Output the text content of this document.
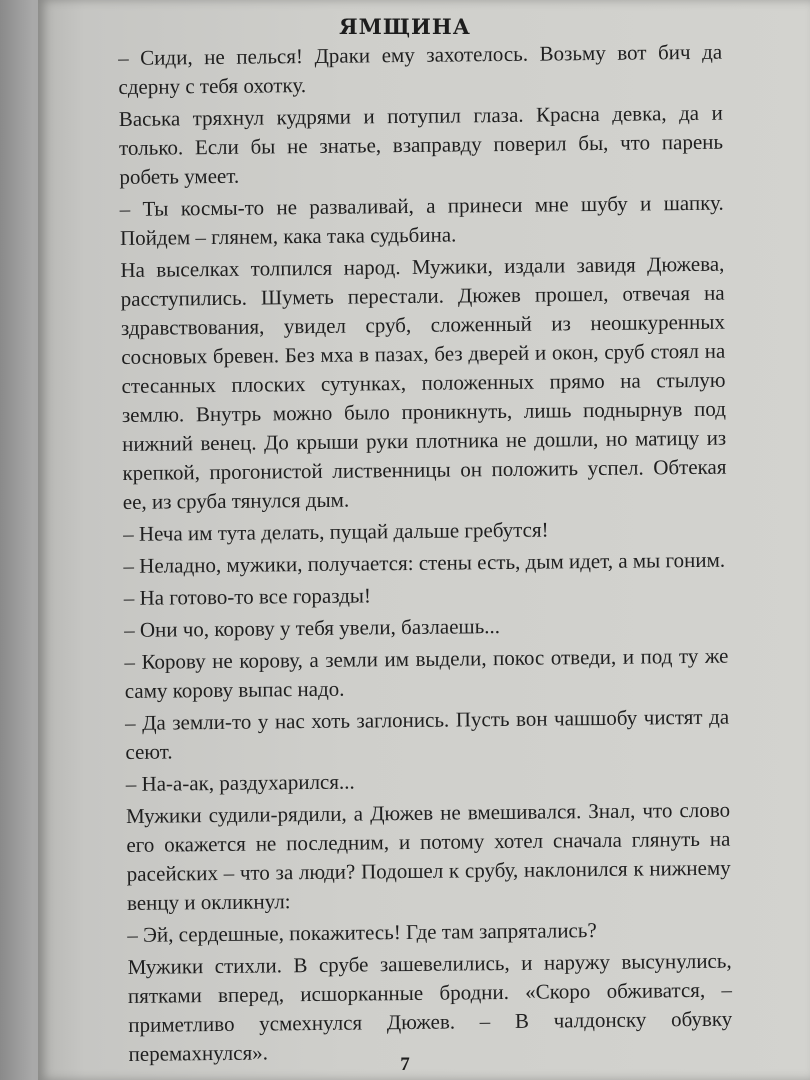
ЯМЩИНА

– Сиди, не пелься! Драки ему захотелось. Возьму вот бич да сдерну с тебя охотку.

Васька тряхнул кудрями и потупил глаза. Красна девка, да и только. Если бы не знатье, взаправду поверил бы, что парень робеть умеет.

– Ты космы-то не разваливай, а принеси мне шубу и шапку. Пойдем – глянем, кака така судьбина.

На выселках толпился народ. Мужики, издали завидя Дюжева, расступились. Шуметь перестали. Дюжев прошел, отвечая на здравствования, увидел сруб, сложенный из неошкуренных сосновых бревен. Без мха в пазах, без дверей и окон, сруб стоял на стесанных плоских сутунках, положенных прямо на стылую землю. Внутрь можно было проникнуть, лишь поднырнув под нижний венец. До крыши руки плотника не дошли, но матицу из крепкой, прогонистой лиственницы он положить успел. Обтекая ее, из сруба тянулся дым.

– Неча им тута делать, пущай дальше гребутся!

– Неладно, мужики, получается: стены есть, дым идет, а мы гоним.

– На готово-то все горазды!

– Они чо, корову у тебя увели, базлаешь...

– Корову не корову, а земли им выдели, покос отведи, и под ту же саму корову выпас надо.

– Да земли-то у нас хоть заглонись. Пусть вон чашшобу чистят да сеют.

– На-а-ак, раздухарился...

Мужики судили-рядили, а Дюжев не вмешивался. Знал, что слово его окажется не последним, и потому хотел сначала глянуть на расейских – что за люди? Подошел к срубу, наклонился к нижнему венцу и окликнул:

– Эй, сердешные, покажитесь! Где там запрятались?

Мужики стихли. В срубе зашевелились, и наружу высунулись, пятками вперед, исшорканные бродни. «Скоро обживатся, – приметливо усмехнулся Дюжев. – В чалдонску обувку перемахнулся».	7
